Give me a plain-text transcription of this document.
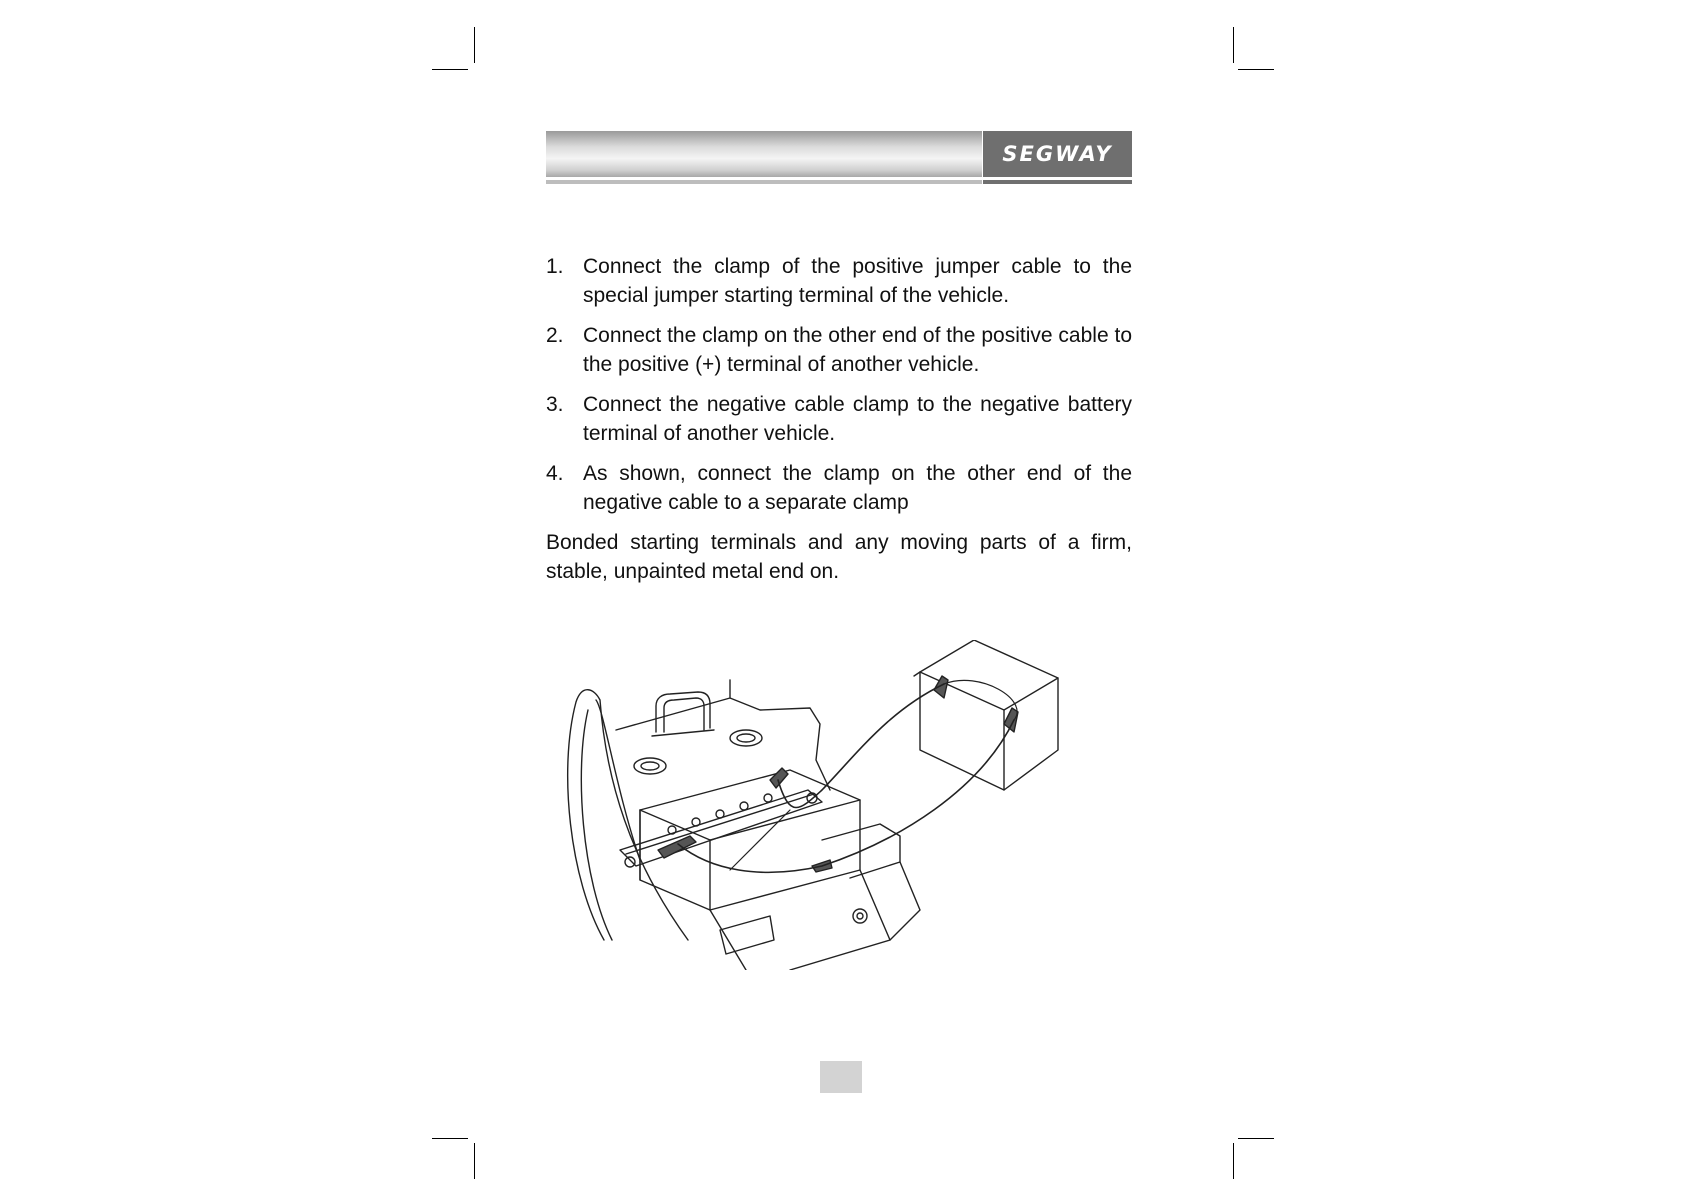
SEGWAY
1. Connect the clamp of the positive jumper cable to the special jumper starting terminal of the vehicle.
2. Connect the clamp on the other end of the positive cable to the positive (+) terminal of another vehicle.
3. Connect the negative cable clamp to the negative battery terminal of another vehicle.
4. As shown, connect the clamp on the other end of the negative cable to a separate clamp
Bonded starting terminals and any moving parts of a firm, stable, unpainted metal end on.
